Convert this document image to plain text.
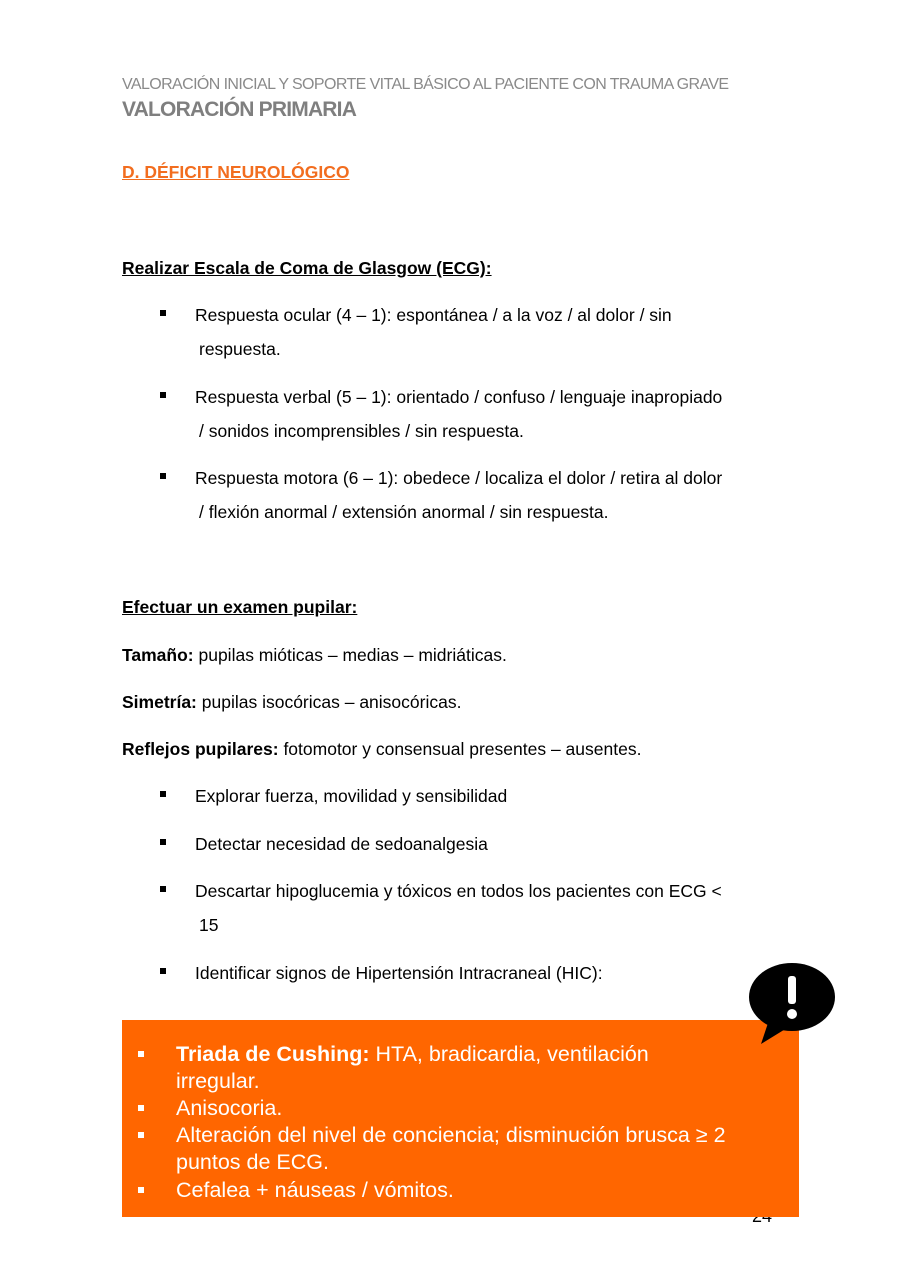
VALORACIÓN INICIAL Y SOPORTE VITAL BÁSICO AL PACIENTE CON TRAUMA GRAVE
VALORACIÓN PRIMARIA
D. DÉFICIT NEUROLÓGICO
Realizar Escala de Coma de Glasgow (ECG):
Respuesta ocular (4 – 1): espontánea / a la voz / al dolor / sin
respuesta.
Respuesta verbal (5 – 1): orientado / confuso / lenguaje inapropiado
/ sonidos incomprensibles / sin respuesta.
Respuesta motora (6 – 1): obedece / localiza el dolor / retira al dolor
/ flexión anormal / extensión anormal / sin respuesta.
Efectuar un examen pupilar:
Tamaño: pupilas mióticas – medias – midriáticas.
Simetría: pupilas isocóricas – anisocóricas.
Reflejos pupilares: fotomotor y consensual presentes – ausentes.
Explorar fuerza, movilidad y sensibilidad
Detectar necesidad de sedoanalgesia
Descartar hipoglucemia y tóxicos en todos los pacientes con ECG <
15
Identificar signos de Hipertensión Intracraneal (HIC):
Triada de Cushing: HTA, bradicardia, ventilación
irregular.
Anisocoria.
Alteración del nivel de conciencia; disminución brusca ≥ 2
puntos de ECG.
Cefalea + náuseas / vómitos.
